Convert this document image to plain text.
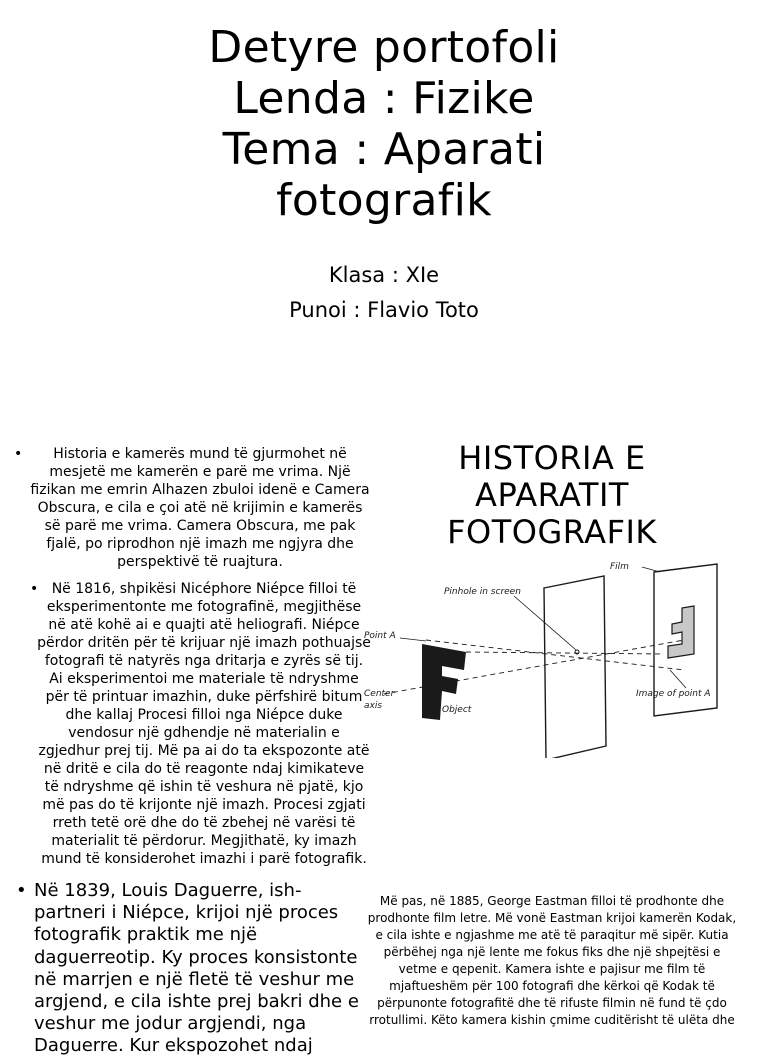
Detyre portofoli
Lenda : Fizike
Tema : Aparati
fotografik
Klasa : XIe
Punoi : Flavio Toto
•	Historia e kamerës mund të gjurmohet në mesjetë me kamerën e parë me vrima. Një fizikan me emrin Alhazen zbuloi idenë e Camera Obscura, e cila e çoi atë në krijimin e kamerës së parë me vrima. Camera Obscura, me pak fjalë, po riprodhon një imazh me ngjyra dhe perspektivë të ruajtura.
• Në 1816, shpikësi Nicéphore Niépce filloi të eksperimentonte me fotografinë, megjithëse në atë kohë ai e quajti atë heliografi. Niépce përdor dritën për të krijuar një imazh pothuajse fotografi të natyrës nga dritarja e zyrës së tij. Ai eksperimentoi me materiale të ndryshme për të printuar imazhin, duke përfshirë bitum dhe kallaj Procesi filloi nga Niépce duke vendosur një gdhendje në materialin e zgjedhur prej tij. Më pa ai do ta ekspozonte atë në dritë e cila do të reagonte ndaj kimikateve të ndryshme që ishin të veshura në pjatë, kjo më pas do të krijonte një imazh. Procesi zgjati rreth tetë orë dhe do të zbehej në varësi të materialit të përdorur. Megjithatë, ky imazh mund të konsiderohet imazhi i parë fotografik.
• Në 1839, Louis Daguerre, ish-partneri i Niépce, krijoi një proces fotografik praktik me një daguerreotip. Ky proces konsistonte në marrjen e një fletë të veshur me argjend, e cila ishte prej bakri dhe e veshur me jodur argjendi, nga Daguerre. Kur ekspozohet ndaj
HISTORIA E
APARATIT
FOTOGRAFIK
Film
Pinhole in screen
Point A
Center
axis	Object
Image of point A
Më pas, në 1885, George Eastman filloi të prodhonte dhe prodhonte film letre. Më vonë Eastman krijoi kamerën Kodak, e cila ishte e ngjashme me atë të paraqitur më sipër. Kutia përbëhej nga një lente me fokus fiks dhe një shpejtësi e vetme e qepenit. Kamera ishte e pajisur me film të mjaftueshëm për 100 fotografi dhe kërkoi që Kodak të përpunonte fotografitë dhe të rifuste filmin në fund të çdo rrotullimi. Këto kamera kishin çmime cuditërisht të ulëta dhe
